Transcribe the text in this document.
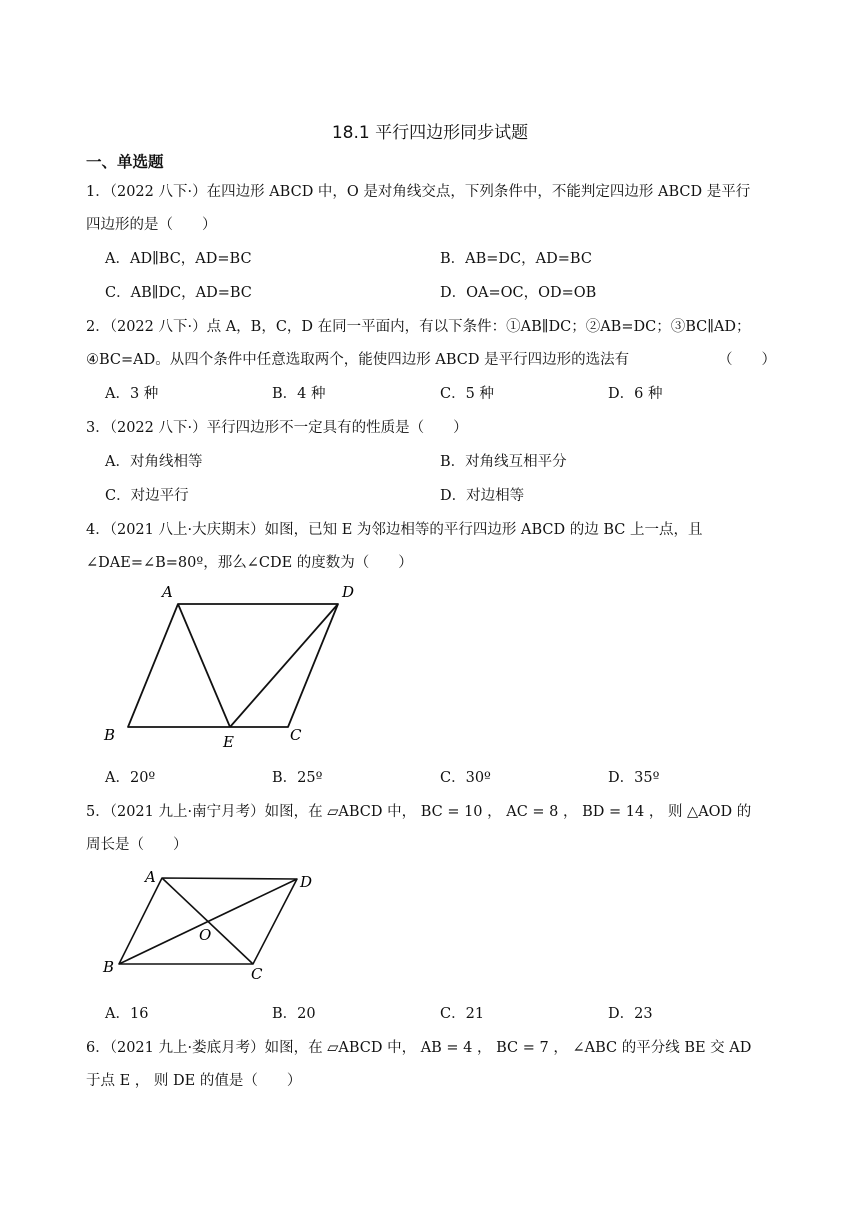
18.1 平行四边形同步试题
一、单选题
1．（2022 八下·）在四边形 ABCD 中，O 是对角线交点，下列条件中，不能判定四边形 ABCD 是平行
四边形的是（　　）
A．AD∥BC，AD=BC	B．AB=DC，AD=BC
C．AB∥DC，AD=BC	D．OA=OC，OD=OB
2．（2022 八下·）点 A，B，C，D 在同一平面内，有以下条件：①AB∥DC；②AB=DC；③BC∥AD；
④BC=AD。从四个条件中任意选取两个，能使四边形 ABCD 是平行四边形的选法有	（　　）
A．3 种	B．4 种	C．5 种	D．6 种
3．（2022 八下·）平行四边形不一定具有的性质是（　　）
A．对角线相等	B．对角线互相平分
C．对边平行	D．对边相等
4．（2021 八上·大庆期末）如图，已知 E 为邻边相等的平行四边形 ABCD 的边 BC 上一点，且
∠DAE=∠B=80º，那么∠CDE 的度数为（　　）
A	D
B	E	C
A．20º	B．25º	C．30º	D．35º
5．（2021 九上·南宁月考）如图，在 ▱ABCD 中， BC = 10 ， AC = 8 ， BD = 14 ， 则 △AOD 的
周长是（　　）
A	D
O
B	C
A．16	B．20	C．21	D．23
6．（2021 九上·娄底月考）如图，在 ▱ABCD 中， AB = 4 ， BC = 7 ， ∠ABC 的平分线 BE 交 AD
于点 E ， 则 DE 的值是（　　）
